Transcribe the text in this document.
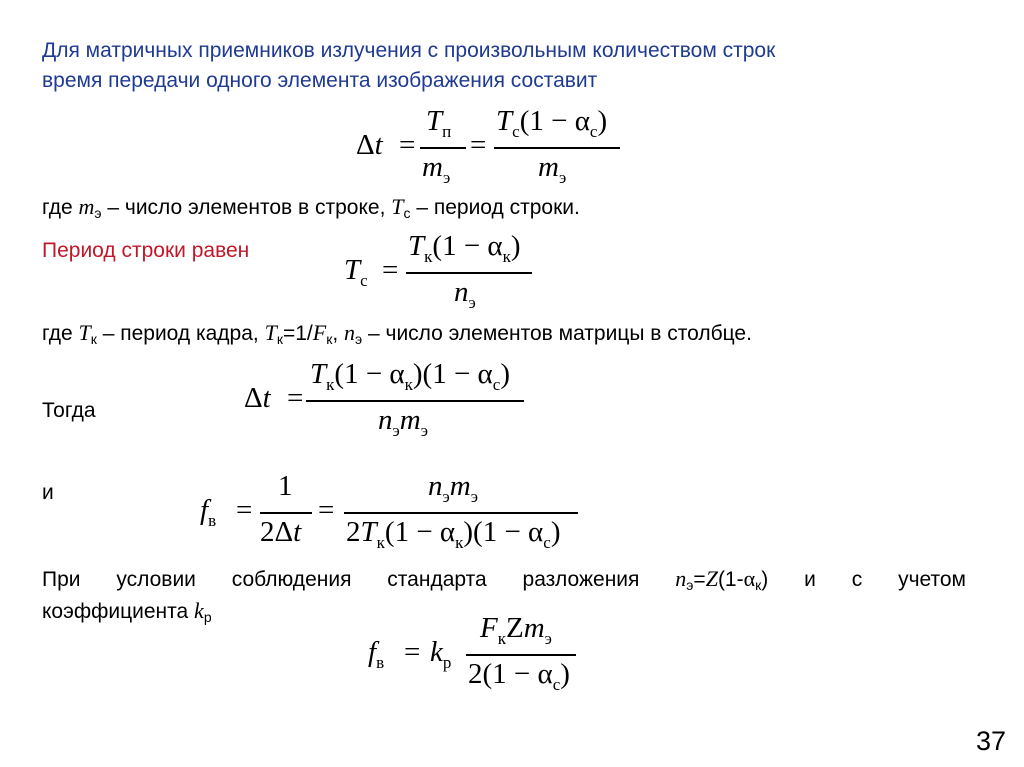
Для матричных приемников излучения с произвольным количеством строк
время передачи одного элемента изображения составит
Δt =
$T_п$
$m_э$
=
$T_с(1 - \alpha_с)$
$m_э$
где mэ – число элементов в строке, Tс – период строки.
Период строки равен
$T_с$ =
$T_к(1 - \alpha_к)$
$n_э$
где Tк – период кадра, Tк=1/Fк, nэ – число элементов матрицы в столбце.
Δt =
$T_к(1 - \alpha_к)(1 - \alpha_с)$
$n_эm_э$
Тогда
и
$f_в$ =
1
2Δt
=
$n_эm_э$
$2T_к(1 - \alpha_к)(1 - \alpha_с)$
При условии соблюдения стандарта разложения nэ=Z(1-αк) и с учетом
коэффициента kр
$f_в = k_р$
$F_кZm_э$
$2(1 - \alpha_с)$
37
